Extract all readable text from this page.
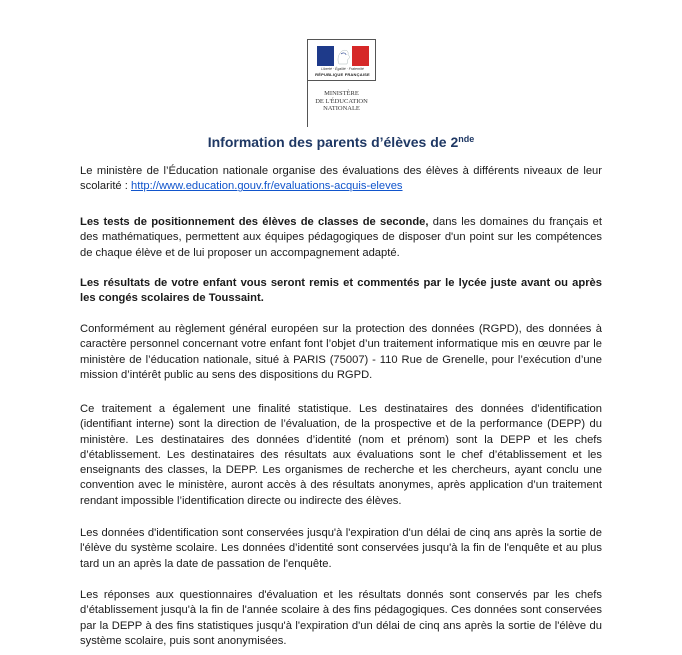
Liberté · Égalité · Fraternité
RÉPUBLIQUE FRANÇAISE
MINISTÈRE
DE L'ÉDUCATION
NATIONALE
Information des parents d’élèves de 2nde

Le ministère de l’Éducation nationale organise des évaluations des élèves à différents niveaux de leur scolarité : http://www.education.gouv.fr/evaluations-acquis-eleves

Les tests de positionnement des élèves de classes de seconde, dans les domaines du français et des mathématiques, permettent aux équipes pédagogiques de disposer d'un point sur les compétences de chaque élève et de lui proposer un accompagnement adapté.

Les résultats de votre enfant vous seront remis et commentés par le lycée juste avant ou après les congés scolaires de Toussaint.

Conformément au règlement général européen sur la protection des données (RGPD), des données à caractère personnel concernant votre enfant font l’objet d’un traitement informatique mis en œuvre par le ministère de l’éducation nationale, situé à PARIS (75007) - 110 Rue de Grenelle, pour l’exécution d’une mission d’intérêt public au sens des dispositions du RGPD.

Ce traitement a également une finalité statistique. Les destinataires des données d’identification (identifiant interne) sont la direction de l’évaluation, de la prospective et de la performance (DEPP) du ministère. Les destinataires des données d’identité (nom et prénom) sont la DEPP et les chefs d’établissement. Les destinataires des résultats aux évaluations sont le chef d’établissement et les enseignants des classes, la DEPP. Les organismes de recherche et les chercheurs, ayant conclu une convention avec le ministère, auront accès à des résultats anonymes, après application d’un traitement rendant impossible l’identification directe ou indirecte des élèves.

Les données d'identification sont conservées jusqu'à l'expiration d'un délai de cinq ans après la sortie de l'élève du système scolaire. Les données d’identité sont conservées jusqu'à la fin de l'enquête et au plus tard un an après la date de passation de l'enquête.

Les réponses aux questionnaires d'évaluation et les résultats donnés sont conservés par les chefs d’établissement jusqu'à la fin de l'année scolaire à des fins pédagogiques. Ces données sont conservées par la DEPP à des fins statistiques jusqu'à l'expiration d'un délai de cinq ans après la sortie de l'élève du système scolaire, puis sont anonymisées.
